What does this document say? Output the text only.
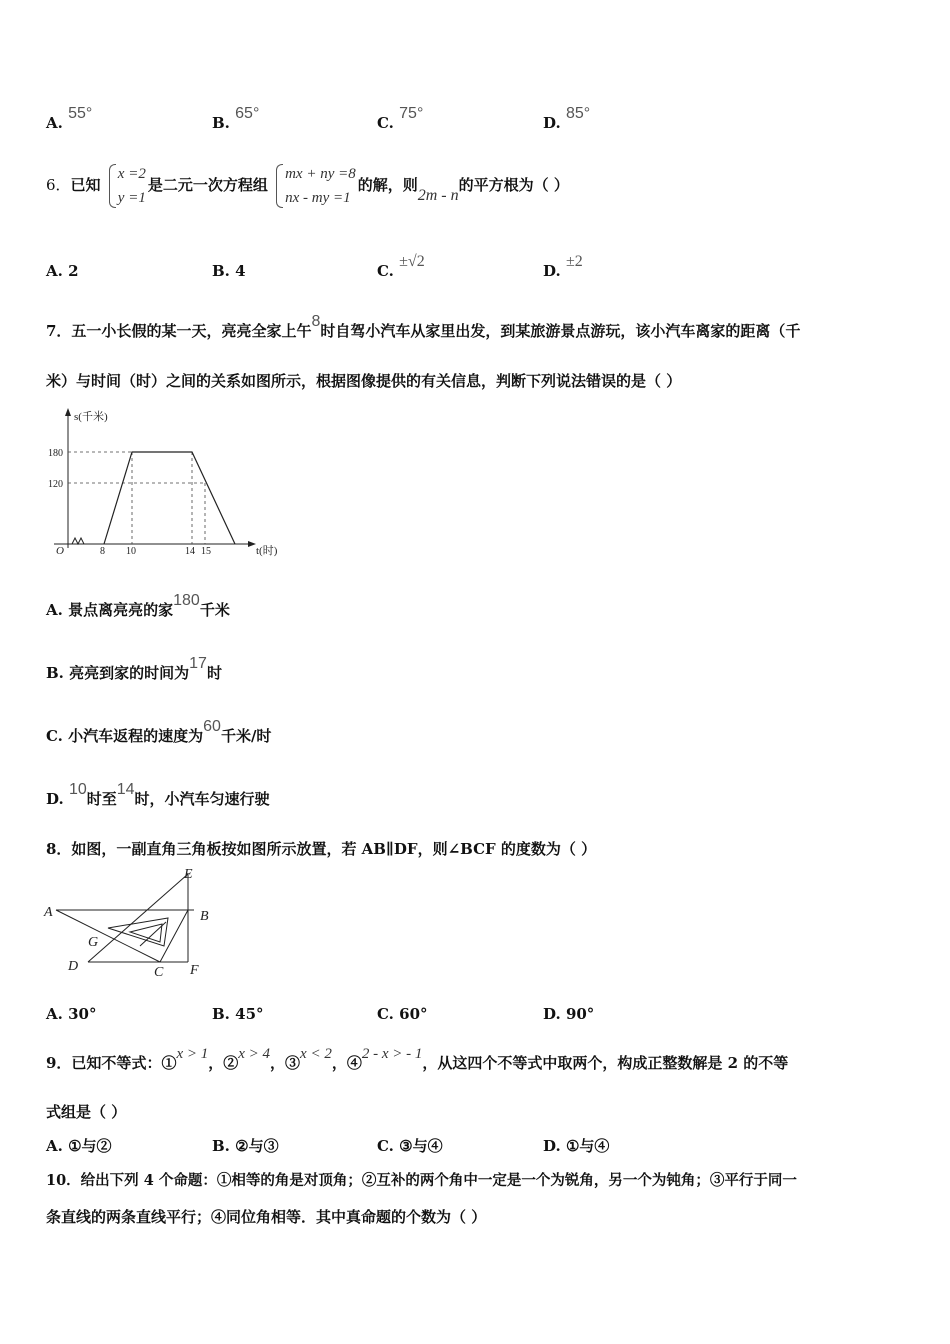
A. 55°
B. 65°
C. 75°
D. 85°
6．已知
x =2
y =1
是二元一次方程组
mx + ny =8
nx - my =1
的解，则2m - n的平方根为（ ）
A. 2	B. 4	C. ±√2
D. ±2
7．五一小长假的某一天，亮亮全家上午8时自驾小汽车从家里出发，到某旅游景点游玩，该小汽车离家的距离（千
米）与时间（时）之间的关系如图所示，根据图像提供的有关信息，判断下列说法错误的是（ ）
s(千米)
t(时)
O
180
120
8 10	14 15
A. 景点离亮亮的家180千米
B. 亮亮到家的时间为17时
C. 小汽车返程的速度为60千米/时
D. 10时至14时，小汽车匀速行驶
8．如图，一副直角三角板按如图所示放置，若 AB∥DF，则∠BCF 的度数为（ ）
A	B
E
G
D	C F
A. 30°	B. 45°	C. 60°	D. 90°
9．已知不等式：①x > 1，②x > 4，③x < 2，④2 - x > - 1，从这四个不等式中取两个，构成正整数解是 2 的不等
式组是（ ）
A. ①与②	B. ②与③	C. ③与④	D. ①与④
10．给出下列 4 个命题：①相等的角是对顶角；②互补的两个角中一定是一个为锐角，另一个为钝角；③平行于同一
条直线的两条直线平行；④同位角相等．其中真命题的个数为（ ）
